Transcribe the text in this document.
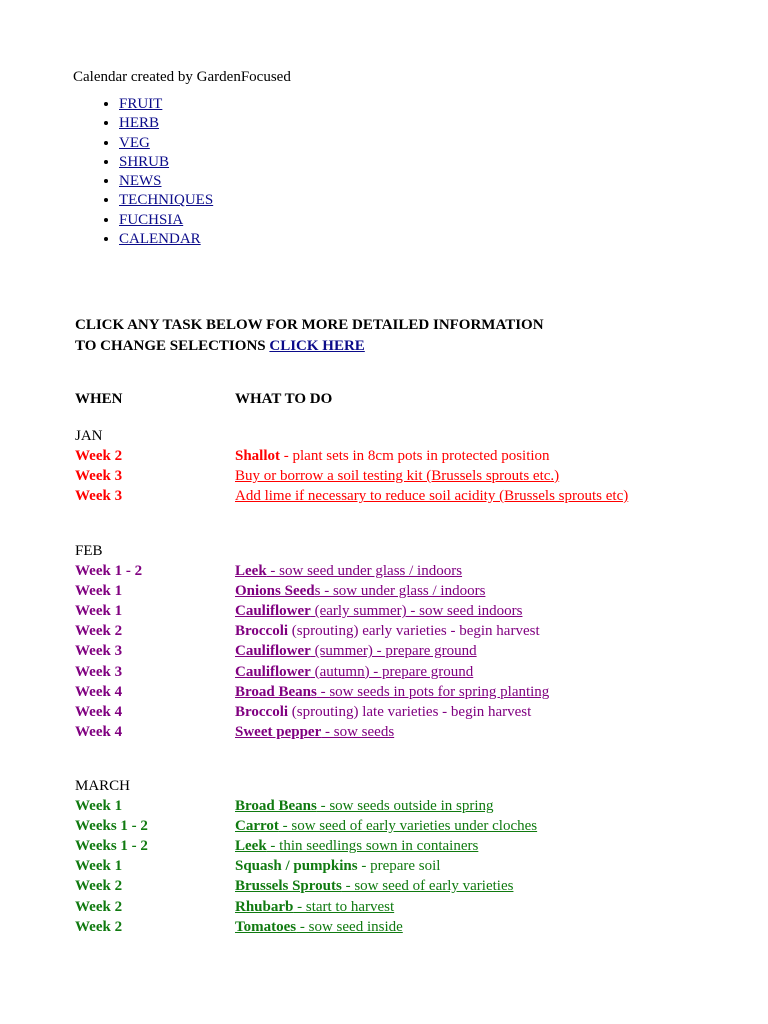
Calendar created by GardenFocused
• FRUIT
• HERB
• VEG
• SHRUB
• NEWS
• TECHNIQUES
• FUCHSIA
• CALENDAR
CLICK ANY TASK BELOW FOR MORE DETAILED INFORMATION
TO CHANGE SELECTIONS CLICK HERE
WHEN	WHAT TO DO
JAN
Week 2	Shallot - plant sets in 8cm pots in protected position
Week 3	Buy or borrow a soil testing kit (Brussels sprouts etc.)
Week 3	Add lime if necessary to reduce soil acidity (Brussels sprouts etc)
FEB
Week 1 - 2	Leek - sow seed under glass / indoors
Week 1	Onions Seeds - sow under glass / indoors
Week 1	Cauliflower (early summer) - sow seed indoors
Week 2	Broccoli (sprouting) early varieties - begin harvest
Week 3	Cauliflower (summer) - prepare ground
Week 3	Cauliflower (autumn) - prepare ground
Week 4	Broad Beans - sow seeds in pots for spring planting
Week 4	Broccoli (sprouting) late varieties - begin harvest
Week 4	Sweet pepper - sow seeds
MARCH
Week 1	Broad Beans - sow seeds outside in spring
Weeks 1 - 2	Carrot - sow seed of early varieties under cloches
Weeks 1 - 2	Leek - thin seedlings sown in containers
Week 1	Squash / pumpkins - prepare soil
Week 2	Brussels Sprouts - sow seed of early varieties
Week 2	Rhubarb - start to harvest
Week 2	Tomatoes - sow seed inside
